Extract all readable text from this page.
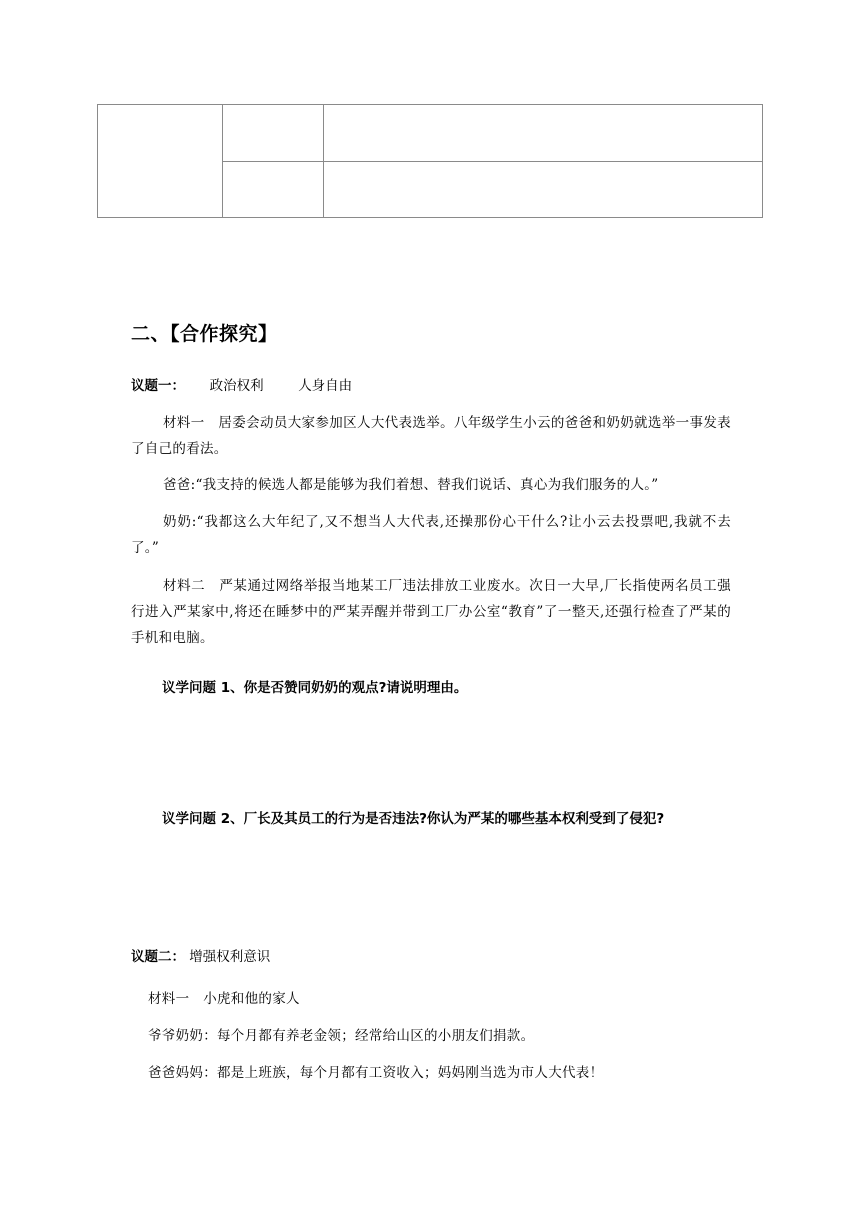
二、【合作探究】
议题一： 政治权利	人身自由
材料一　居委会动员大家参加区人大代表选举。八年级学生小云的爸爸和奶奶就选举一事发表了自己的看法。
爸爸:“我支持的候选人都是能够为我们着想、替我们说话、真心为我们服务的人。”
奶奶:“我都这么大年纪了,又不想当人大代表,还操那份心干什么?让小云去投票吧,我就不去了。”
材料二　严某通过网络举报当地某工厂违法排放工业废水。次日一大早,厂长指使两名员工强行进入严某家中,将还在睡梦中的严某弄醒并带到工厂办公室“教育”了一整天,还强行检查了严某的手机和电脑。
议学问题 1、你是否赞同奶奶的观点?请说明理由。
议学问题 2、厂长及其员工的行为是否违法?你认为严某的哪些基本权利受到了侵犯?
议题二： 增强权利意识
材料一　小虎和他的家人
爷爷奶奶：每个月都有养老金领；经常给山区的小朋友们捐款。
爸爸妈妈：都是上班族，每个月都有工资收入；妈妈刚当选为市人大代表！
